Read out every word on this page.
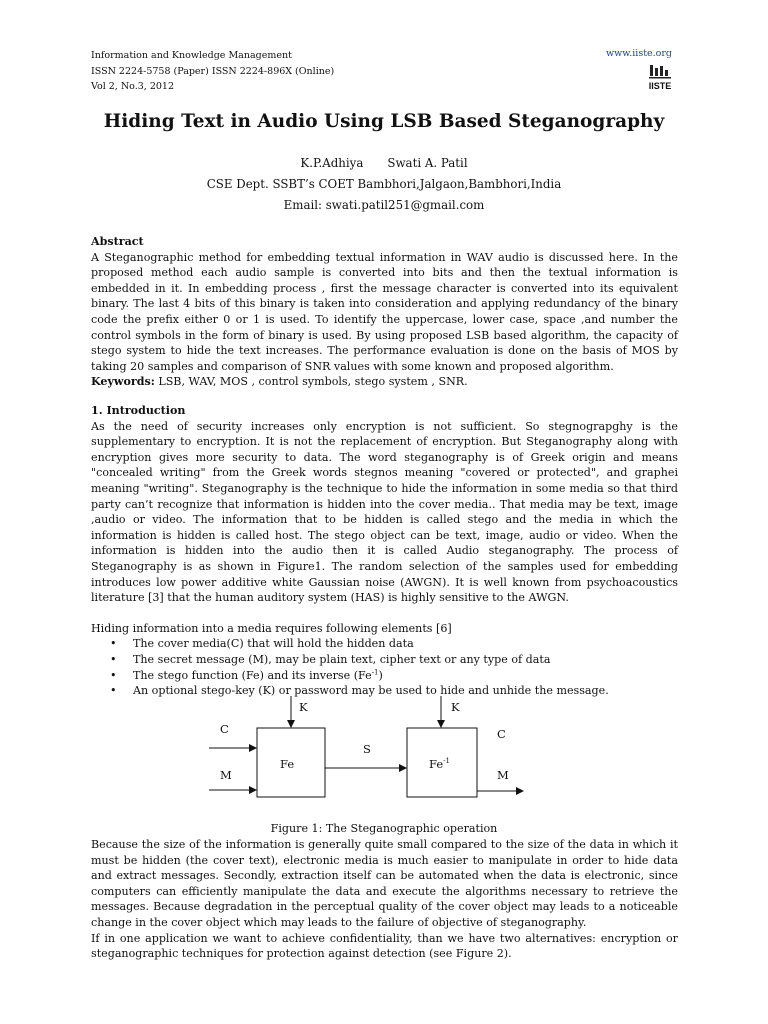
Information and Knowledge Management
ISSN 2224-5758 (Paper) ISSN 2224-896X (Online)
Vol 2, No.3, 2012
www.iiste.org
IISTE
Hiding Text in Audio Using LSB Based Steganography
K.P.Adhiya Swati A. Patil
CSE Dept. SSBT’s COET Bambhori,Jalgaon,Bambhori,India
Email: swati.patil251@gmail.com
Abstract

A Steganographic method for embedding textual information in WAV audio is discussed here. In the proposed method each audio sample is converted into bits and then the textual information is embedded in it. In embedding process , first the message character is converted into its equivalent binary. The last 4 bits of this binary is taken into consideration and applying redundancy of the binary code the prefix either 0 or 1 is used. To identify the uppercase, lower case, space ,and number the control symbols in the form of binary is used. By using proposed LSB based algorithm, the capacity of stego system to hide the text increases. The performance evaluation is done on the basis of MOS by taking 20 samples and comparison of SNR values with some known and proposed algorithm.

Keywords: LSB, WAV, MOS , control symbols, stego system , SNR.

1. Introduction

As the need of security increases only encryption is not sufficient. So stegnograpghy is the supplementary to encryption. It is not the replacement of encryption. But Steganography along with encryption gives more security to data. The word steganography is of Greek origin and means "concealed writing" from the Greek words stegnos meaning "covered or protected", and graphei meaning "writing". Steganography is the technique to hide the information in some media so that third party can’t recognize that information is hidden into the cover media.. That media may be text, image ,audio or video. The information that to be hidden is called stego and the media in which the information is hidden is called host. The stego object can be text, image, audio or video. When the information is hidden into the audio then it is called Audio steganography. The process of Steganography is as shown in Figure1. The random selection of the samples used for embedding introduces low power additive white Gaussian noise (AWGN). It is well known from psychoacoustics literature [3] that the human auditory system (HAS) is highly sensitive to the AWGN.

Hiding information into a media requires following elements [6]
• The cover media(C) that will hold the hidden data
• The secret message (M), may be plain text, cipher text or any type of data
• The stego function (Fe) and its inverse $(Fe^{-1})$
• An optional stego-key (K) or password may be used to hide and unhide the message.
K	K
C
M
Fe
S
$Fe^{-1}$
C
M
Figure 1: The Steganographic operation

Because the size of the information is generally quite small compared to the size of the data in which it must be hidden (the cover text), electronic media is much easier to manipulate in order to hide data and extract messages. Secondly, extraction itself can be automated when the data is electronic, since computers can efficiently manipulate the data and execute the algorithms necessary to retrieve the messages. Because degradation in the perceptual quality of the cover object may leads to a noticeable change in the cover object which may leads to the failure of objective of steganography.

If in one application we want to achieve confidentiality, than we have two alternatives: encryption or steganographic techniques for protection against detection (see Figure 2).
